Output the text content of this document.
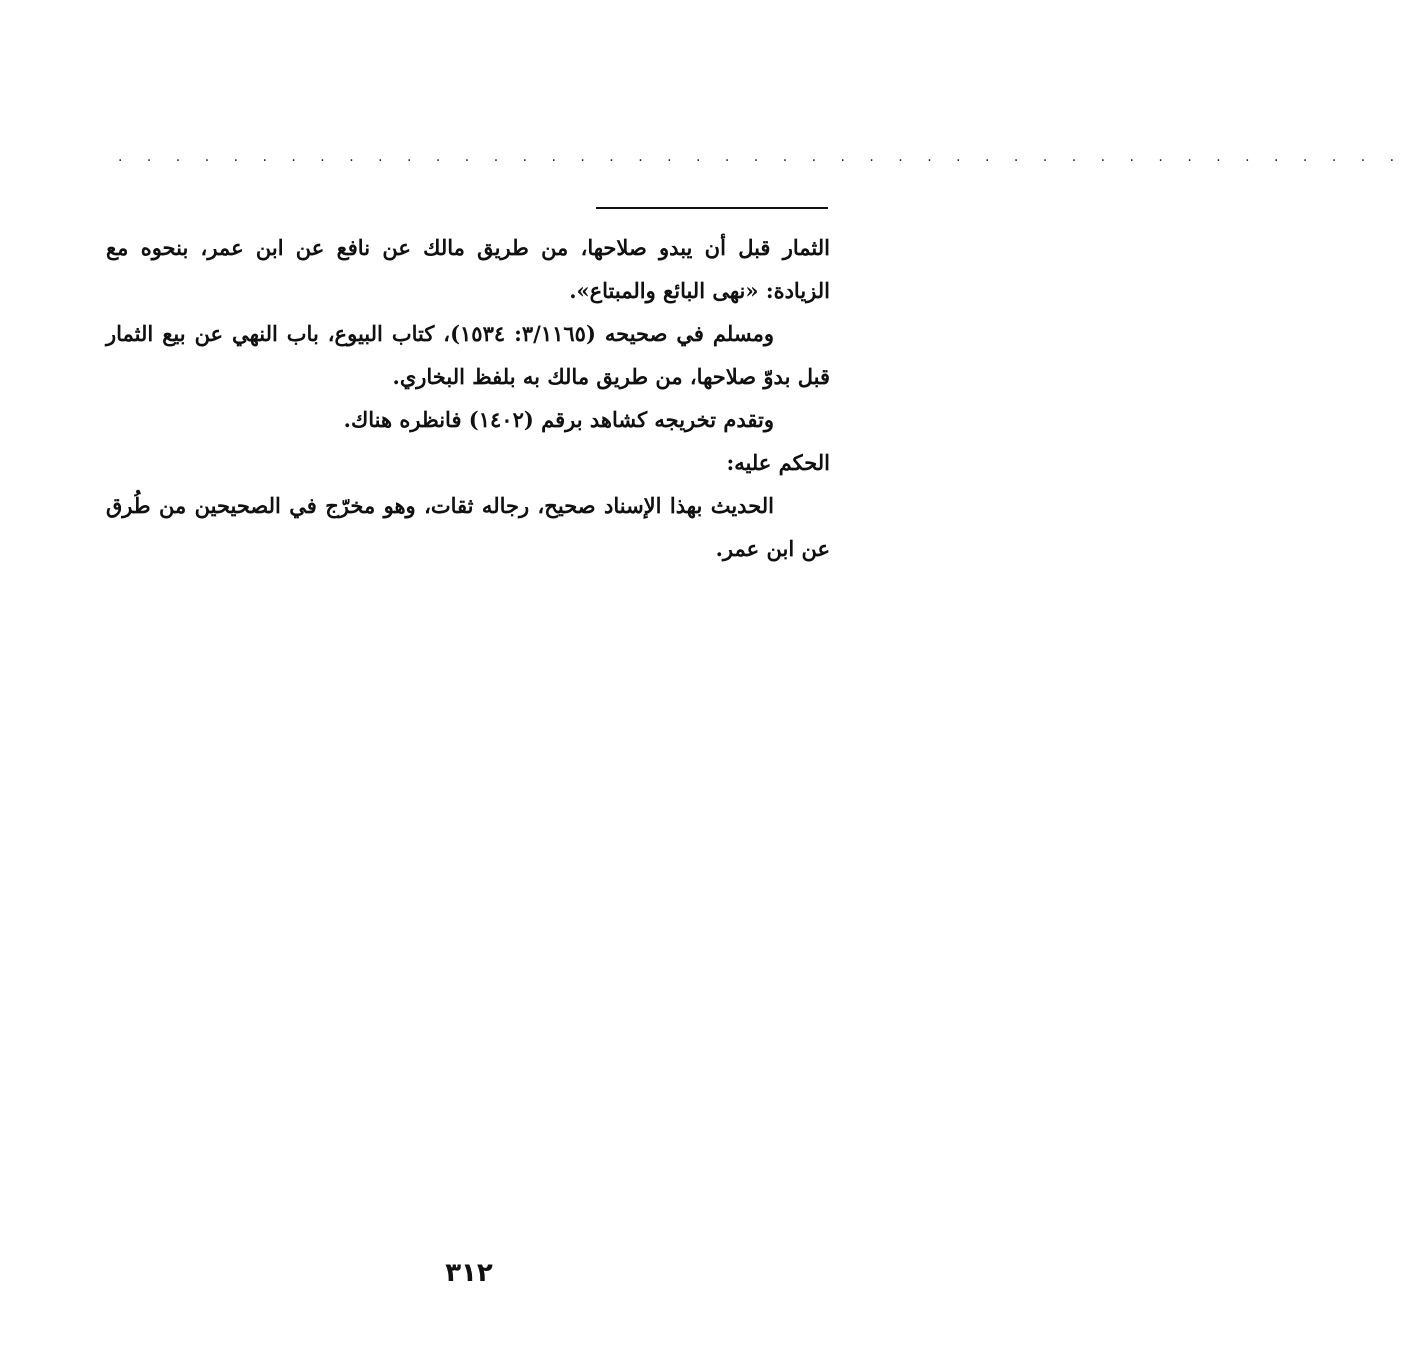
. . . . . . . . . . . . . . . . . . . . . . . . . . . . . . . . . . . . . . . . . . . . .

الثمار قبل أن يبدو صلاحها، من طريق مالك عن نافع عن ابن عمر، بنحوه مع الزيادة: «نهى البائع والمبتاع».

ومسلم في صحيحه (٣/١١٦٥: ١٥٣٤)، كتاب البيوع، باب النهي عن بيع الثمار قبل بدوّ صلاحها، من طريق مالك به بلفظ البخاري.

وتقدم تخريجه كشاهد برقم (١٤٠٢) فانظره هناك.

الحكم عليه:

الحديث بهذا الإسناد صحيح، رجاله ثقات، وهو مخرّج في الصحيحين من طُرق عن ابن عمر.

٣١٢
